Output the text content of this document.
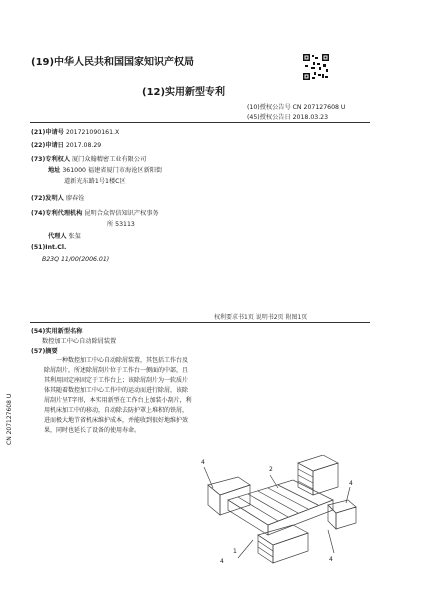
(19)中华人民共和国国家知识产权局
(12)实用新型专利
(10)授权公告号 CN 207127608 U
(45)授权公告日 2018.03.23
(21)申请号 201721090161.X
(22)申请日 2017.08.29
(73)专利权人 厦门众翰精密工业有限公司
地址 361000 福建省厦门市海沧区新阳街
道新光东路1号1楼C区
(72)发明人 廖春铨
(74)专利代理机构 昆明合众智信知识产权事务
所 53113
代理人 张玺
(51)Int.Cl.
B23Q 11/00(2006.01)
权利要求书1页 说明书2页 附图1页
(54)实用新型名称
数控加工中心自动除屑装置
(57)摘要
一种数控加工中心自动除屑装置，其包括工作台及除屑刮片，所述除屑刮片位于工作台一侧面的中部，且其利用固定座固定于工作台上；该除屑刮片为一软质片体其随着数控加工中心工作中的运动而进行除屑，该除屑刮片呈T字形，本实用新型在工作台上加装小刮片，利用机床加工中的移动，自动除去防护罩上堆积的铁屑，进而极大地节省机床维护成本，并能收到很好地维护效果，同时也延长了设备的使用寿命。
CN 207127608 U
4
2
4
4
1
4
